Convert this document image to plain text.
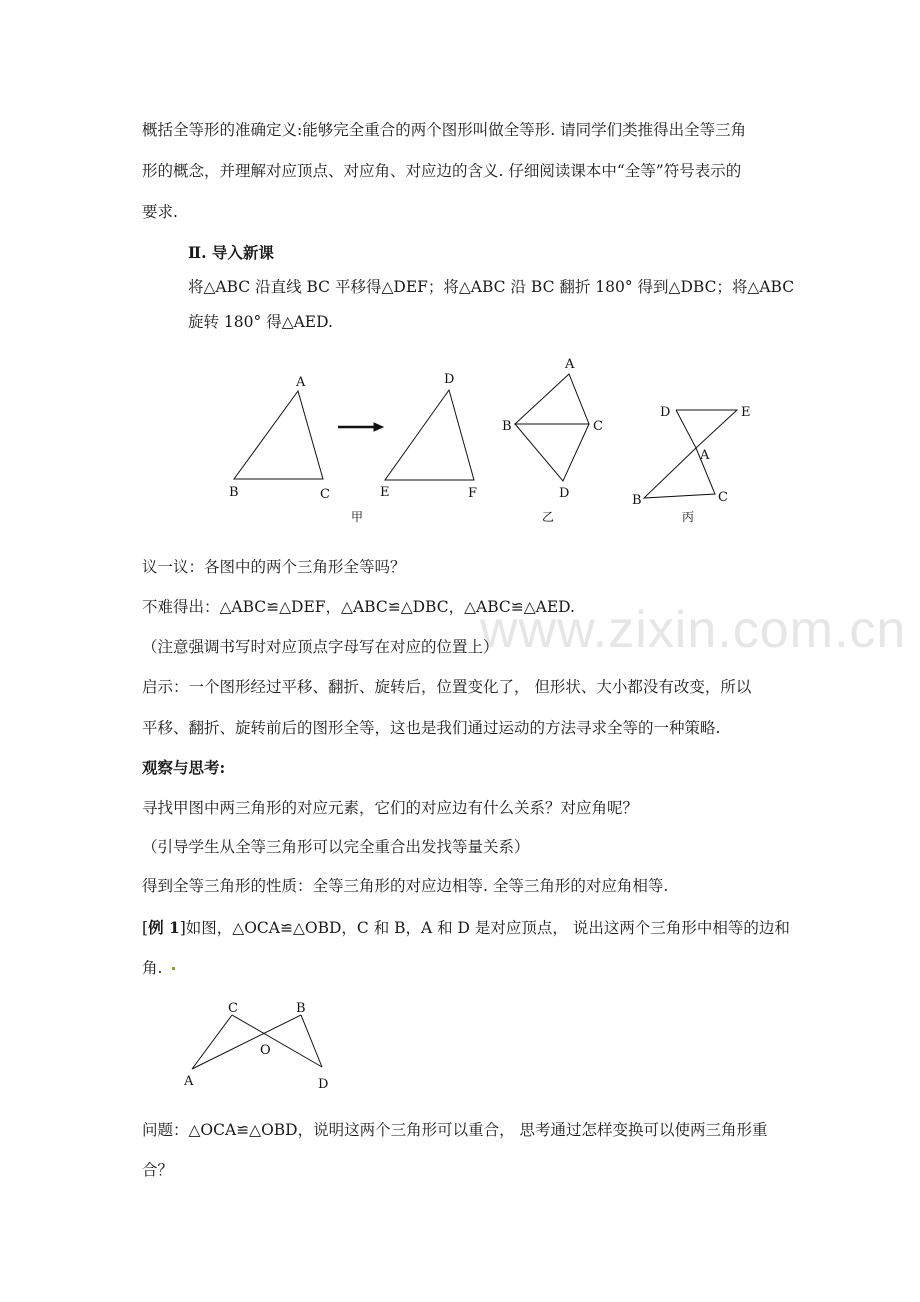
www.zixin.com.cn
概括全等形的准确定义:能够完全重合的两个图形叫做全等形. 请同学们类推得出全等三角
形的概念，并理解对应顶点、对应角、对应边的含义. 仔细阅读课本中“全等”符号表示的
要求.
Ⅱ. 导入新课
将△ABC 沿直线 BC 平移得△DEF；将△ABC 沿 BC 翻折 180° 得到△DBC；将△ABC
旋转 180° 得△AED.
A
B	C
D
E	F
甲
A
B	C
D
乙
D	E
A
B	C
丙
议一议：各图中的两个三角形全等吗？
不难得出：△ABC≌△DEF，△ABC≌△DBC，△ABC≌△AED.
（注意强调书写时对应顶点字母写在对应的位置上）
启示：一个图形经过平移、翻折、旋转后，位置变化了， 但形状、大小都没有改变，所以
平移、翻折、旋转前后的图形全等，这也是我们通过运动的方法寻求全等的一种策略.
观察与思考:
寻找甲图中两三角形的对应元素，它们的对应边有什么关系？对应角呢？
（引导学生从全等三角形可以完全重合出发找等量关系）
得到全等三角形的性质：全等三角形的对应边相等. 全等三角形的对应角相等.
[例 1]如图，△OCA≌△OBD，C 和 B，A 和 D 是对应顶点， 说出这两个三角形中相等的边和
角.
C	B
O
A	D
问题：△OCA≌△OBD，说明这两个三角形可以重合， 思考通过怎样变换可以使两三角形重
合？
